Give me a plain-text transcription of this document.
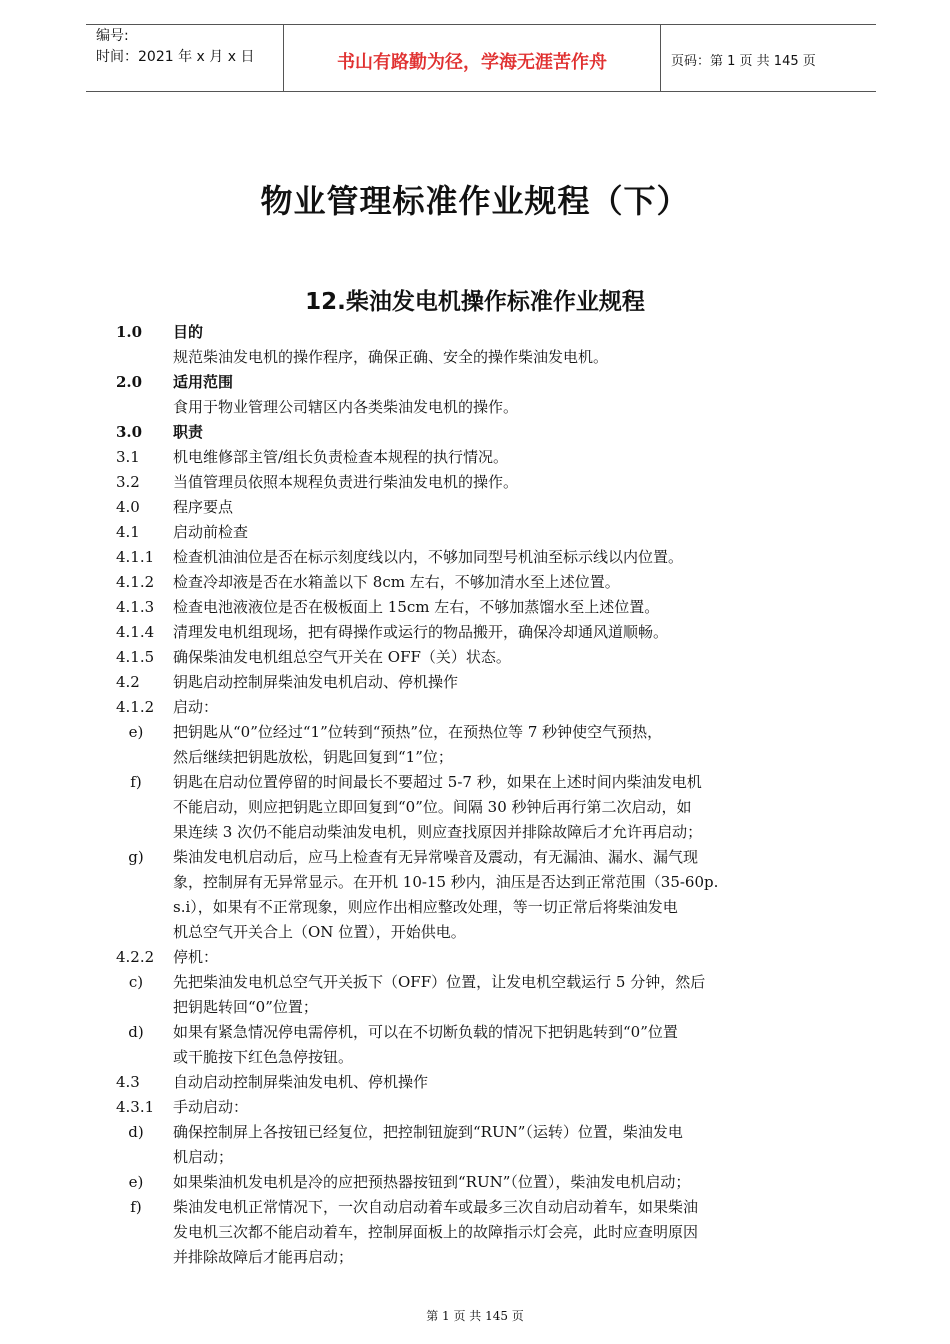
编号:
时间：2021 年 x 月 x 日	书山有路勤为径，学海无涯苦作舟	页码：第 1 页 共 145 页
物业管理标准作业规程（下）
12.柴油发电机操作标准作业规程
1.0	目的
规范柴油发电机的操作程序，确保正确、安全的操作柴油发电机。
2.0	适用范围
食用于物业管理公司辖区内各类柴油发电机的操作。
3.0	职责
3.1	机电维修部主管/组长负责检查本规程的执行情况。
3.2	当值管理员依照本规程负责进行柴油发电机的操作。
4.0	程序要点
4.1	启动前检查
4.1.1	检查机油油位是否在标示刻度线以内，不够加同型号机油至标示线以内位置。
4.1.2	检查冷却液是否在水箱盖以下 8cm 左右，不够加清水至上述位置。
4.1.3	检查电池液液位是否在极板面上 15cm 左右，不够加蒸馏水至上述位置。
4.1.4	清理发电机组现场，把有碍操作或运行的物品搬开，确保冷却通风道顺畅。
4.1.5	确保柴油发电机组总空气开关在 OFF（关）状态。
4.2	钥匙启动控制屏柴油发电机启动、停机操作
4.1.2	启动：
e)	把钥匙从“0”位经过“1”位转到“预热”位，在预热位等 7 秒钟使空气预热，
然后继续把钥匙放松，钥匙回复到“1”位；
f)	钥匙在启动位置停留的时间最长不要超过 5-7 秒，如果在上述时间内柴油发电机
不能启动，则应把钥匙立即回复到“0”位。间隔 30 秒钟后再行第二次启动，如
果连续 3 次仍不能启动柴油发电机，则应查找原因并排除故障后才允许再启动；
g)	柴油发电机启动后，应马上检查有无异常噪音及震动，有无漏油、漏水、漏气现
象，控制屏有无异常显示。在开机 10-15 秒内，油压是否达到正常范围（35-60p.
s.i），如果有不正常现象，则应作出相应整改处理，等一切正常后将柴油发电
机总空气开关合上（ON 位置），开始供电。
4.2.2	停机：
c)	先把柴油发电机总空气开关扳下（OFF）位置，让发电机空载运行 5 分钟，然后
把钥匙转回“0”位置；
d)	如果有紧急情况停电需停机，可以在不切断负载的情况下把钥匙转到“0”位置
或干脆按下红色急停按钮。
4.3	自动启动控制屏柴油发电机、停机操作
4.3.1	手动启动：
d)	确保控制屏上各按钮已经复位，把控制钮旋到“RUN”（运转）位置，柴油发电
机启动；
e)	如果柴油机发电机是冷的应把预热器按钮到“RUN”（位置），柴油发电机启动；
f)	柴油发电机正常情况下，一次自动启动着车或最多三次自动启动着车，如果柴油
发电机三次都不能启动着车，控制屏面板上的故障指示灯会亮，此时应查明原因
并排除故障后才能再启动；
第 1 页 共 145 页
